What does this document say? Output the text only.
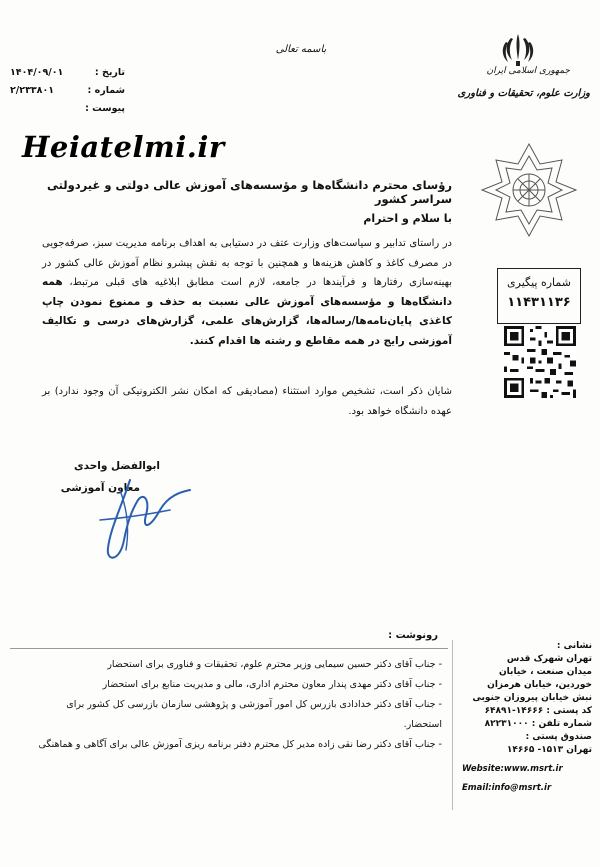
تاریخ :
۱۴۰۴/۰۹/۰۱
شماره :
۲/۲۳۳۸۰۱
پیوست :
Heiatelmi.ir
باسمه تعالی
جمهوری اسلامی ایران
وزارت علوم، تحقیقات و فناوری
شماره پیگیری
۱۱۴۳۱۱۳۶
رؤسای محترم دانشگاه‌ها و مؤسسه‌های آموزش عالی دولتی و غیردولتی سراسر کشور
با سلام و احترام
در راستای تدابیر و سیاست‌های وزارت عتف در دستیابی به اهداف برنامه مدیریت سبز، صرفه‌جویی در مصرف کاغذ و کاهش هزینه‌ها و همچنین با توجه به نقش پیشرو نظام آموزش عالی کشور در بهینه‌سازی رفتارها و فرآیندها در جامعه، لازم است مطابق ابلاغیه های قبلی مرتبط، همه دانشگاه‌ها و مؤسسه‌های آموزش عالی نسبت به حذف و ممنوع نمودن چاپ کاغذی پایان‌نامه‌ها/رساله‌ها، گزارش‌های علمی، گزارش‌های درسی و تکالیف آموزشی رایج در همه مقاطع و رشته ها اقدام کنند.
شایان ذکر است، تشخیص موارد استثناء (مصادیقی که امکان نشر الکترونیکی آن وجود ندارد) بر عهده دانشگاه خواهد بود.
ابوالفضل واحدی
معاون آموزشی
رونوشت :
- جناب آقای دکتر حسین سیمایی وزیر محترم علوم، تحقیقات و فناوری برای استحضار
- جناب آقای دکتر مهدی پندار معاون محترم اداری، مالی و مدیریت منابع برای استحضار
- جناب آقای دکتر خدادادی بازرس کل امور آموزشی و پژوهشی سازمان بازرسی کل کشور برای استحضار.
- جناب آقای دکتر رضا نقی زاده مدیر کل محترم دفتر برنامه ریزی آموزش عالی برای آگاهی و هماهنگی
نشانی :
تهران شهرک قدس
میدان صنعت ، خیابان
خوردین، خیابان هرمزان
نبش خیابان پیروزان جنوبی
کد پستی : ۱۴۶۶۶-۶۴۸۹۱
شماره تلفن : ۸۲۲۳۱۰۰۰
صندوق پستی :
تهران ۱۵۱۳- ۱۴۶۶۵
Website:www.msrt.ir
Email:info@msrt.ir
